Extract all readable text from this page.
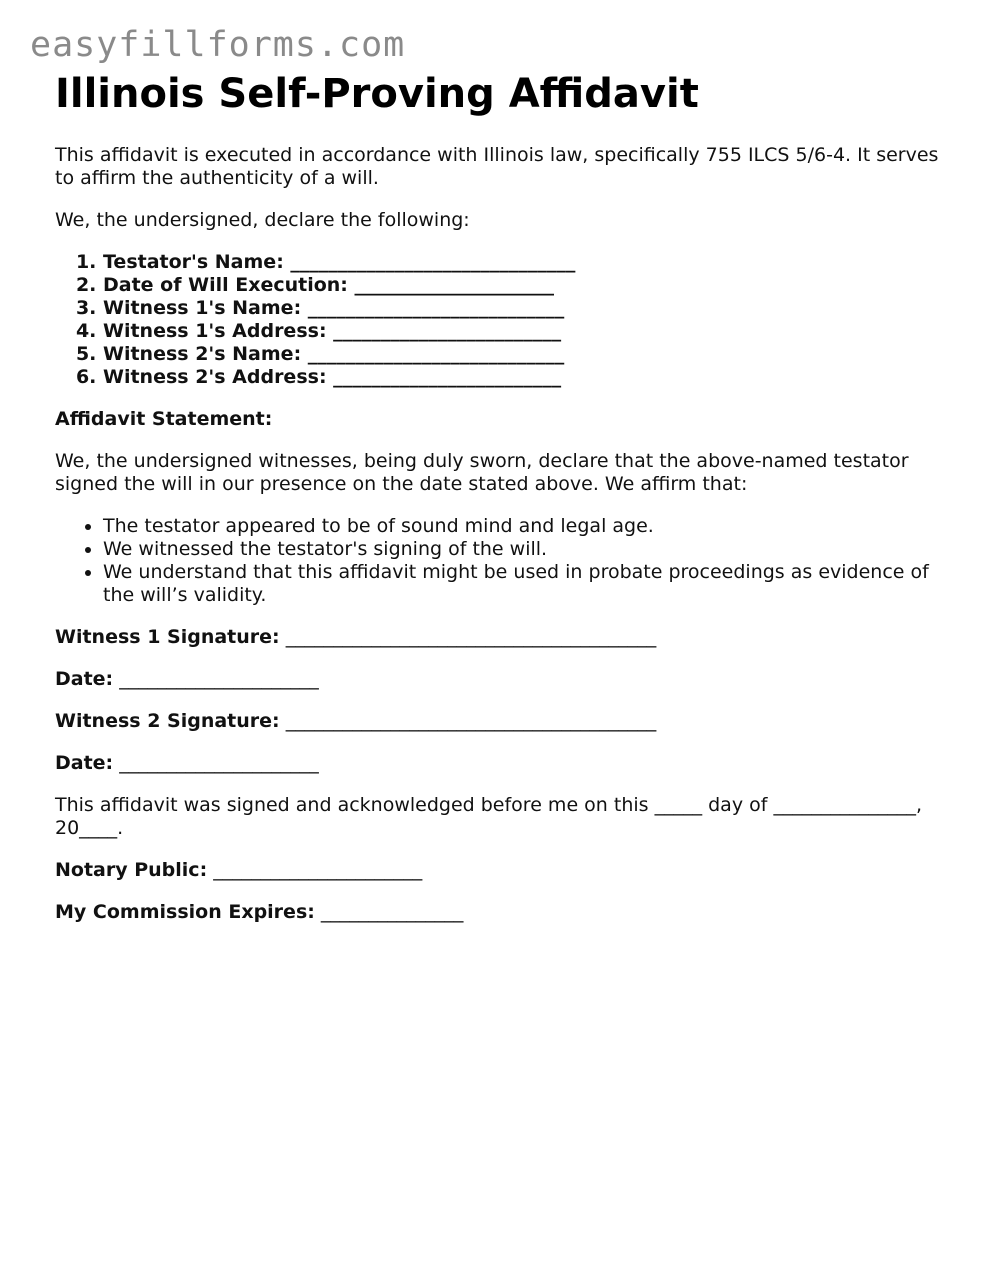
easyfillforms.com
Illinois Self-Proving Affidavit

This affidavit is executed in accordance with Illinois law, specifically 755 ILCS 5/6-4. It serves to affirm the authenticity of a will.

We, the undersigned, declare the following:

1. Testator's Name: ______________________________
2. Date of Will Execution: _____________________
3. Witness 1's Name: ___________________________
4. Witness 1's Address: ________________________
5. Witness 2's Name: ___________________________
6. Witness 2's Address: ________________________

Affidavit Statement:

We, the undersigned witnesses, being duly sworn, declare that the above-named testator signed the will in our presence on the date stated above. We affirm that:

• The testator appeared to be of sound mind and legal age.
• We witnessed the testator's signing of the will.
• We understand that this affidavit might be used in probate proceedings as evidence of the will’s validity.

Witness 1 Signature: _______________________________________

Date: _____________________

Witness 2 Signature: _______________________________________

Date: _____________________

This affidavit was signed and acknowledged before me on this _____ day of _______________, 20____.

Notary Public: ______________________

My Commission Expires: _______________
